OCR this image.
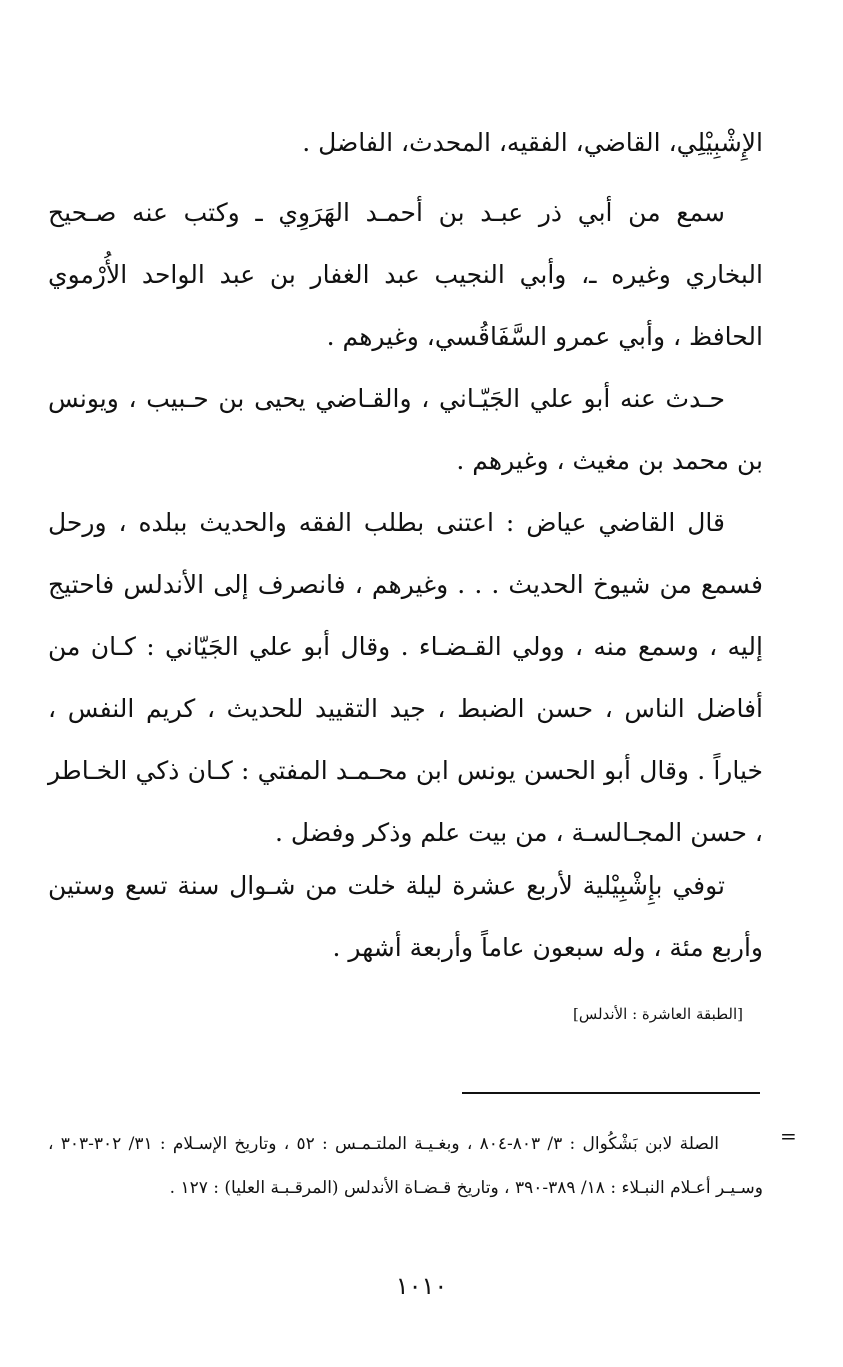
الإِشْبِيْلِي، القاضي، الفقيه، المحدث، الفاضل .

سمع من أبي ذر عبـد بن أحمـد الهَرَوِي ـ وكتب عنه صـحيح البخاري وغيره ـ، وأبي النجيب عبد الغفار بن عبد الواحد الأُرْموي الحافظ ، وأبي عمرو السَّفَاقُسي، وغيرهم .

حـدث عنه أبو علي الجَيّـاني ، والقـاضي يحيى بن حـبيب ، ويونس بن محمد بن مغيث ، وغيرهم .

قال القاضي عياض : اعتنى بطلب الفقه والحديث ببلده ، ورحل فسمع من شيوخ الحديث . . . وغيرهم ، فانصرف إلى الأندلس فاحتيج إليه ، وسمع منه ، وولي القـضـاء . وقال أبو علي الجَيّاني : كـان من أفاضل الناس ، حسن الضبط ، جيد التقييد للحديث ، كريم النفس ، خياراً . وقال أبو الحسن يونس ابن محـمـد المفتي : كـان ذكي الخـاطر ، حسن المجـالسـة ، من بيت علم وذكر وفضل .

توفي بإِشْبِيْلية لأربع عشرة ليلة خلت من شـوال سنة تسع وستين وأربع مئة ، وله سبعون عاماً وأربعة أشهر .

[الطبقة العاشرة : الأندلس]
=

الصلة لابن بَشْكُوال : ٣/ ٨٠٣-٨٠٤ ، وبغـيـة الملتـمـس : ٥٢ ، وتاريخ الإسـلام : ٣١/ ٣٠٢-٣٠٣ ، وسـيـر أعـلام النبـلاء : ١٨/ ٣٨٩-٣٩٠ ، وتاريخ قـضـاة الأندلس (المرقـبـة العليا) : ١٢٧ .

١٠١٠
